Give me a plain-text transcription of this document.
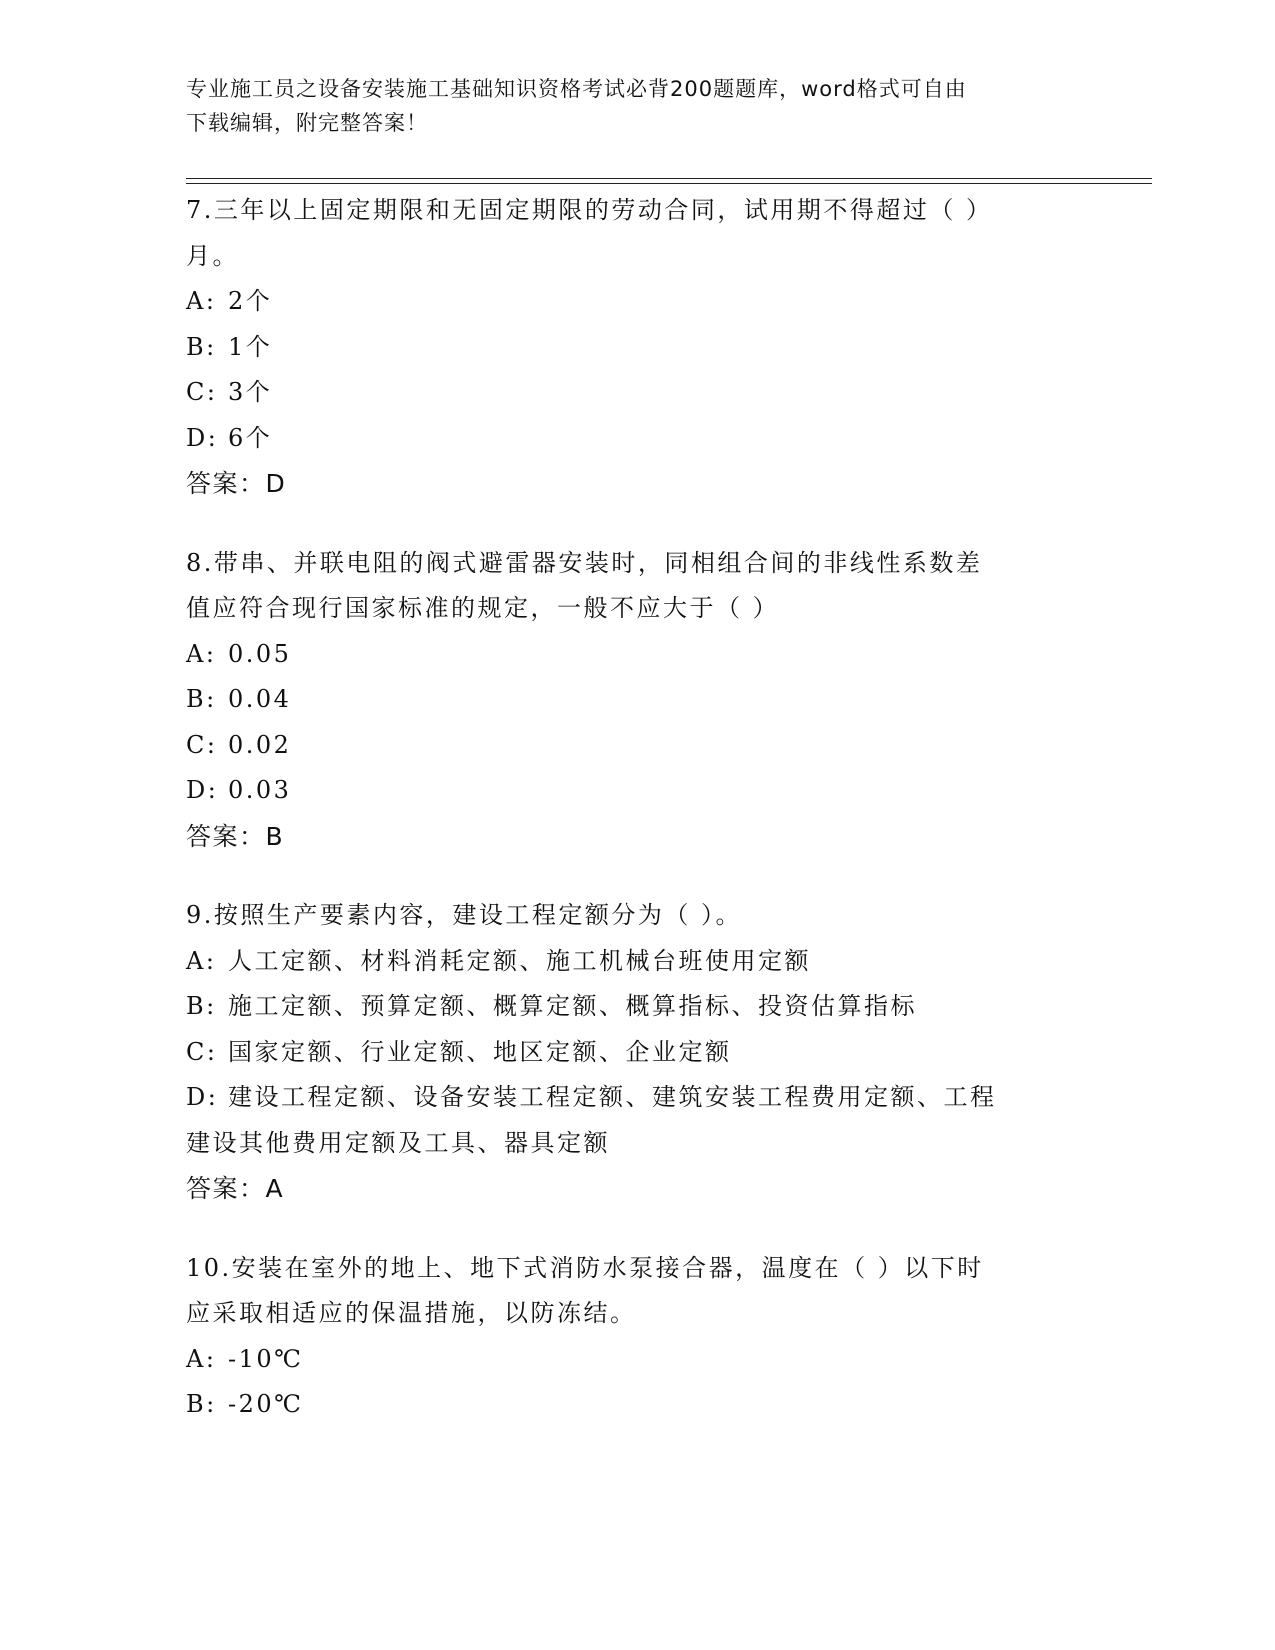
专业施工员之设备安装施工基础知识资格考试必背200题题库，word格式可自由
下载编辑，附完整答案！
7.三年以上固定期限和无固定期限的劳动合同，试用期不得超过（ ）
月。
A: 2个
B: 1个
C: 3个
D: 6个
答案：D
8.带串、并联电阻的阀式避雷器安装时，同相组合间的非线性系数差
值应符合现行国家标准的规定，一般不应大于（ ）
A: 0.05
B: 0.04
C: 0.02
D: 0.03
答案：B
9.按照生产要素内容，建设工程定额分为（ ）。
A: 人工定额、材料消耗定额、施工机械台班使用定额
B: 施工定额、预算定额、概算定额、概算指标、投资估算指标
C: 国家定额、行业定额、地区定额、企业定额
D: 建设工程定额、设备安装工程定额、建筑安装工程费用定额、工程
建设其他费用定额及工具、器具定额
答案：A
10.安装在室外的地上、地下式消防水泵接合器，温度在（ ）以下时
应采取相适应的保温措施，以防冻结。
A: -10℃
B: -20℃
